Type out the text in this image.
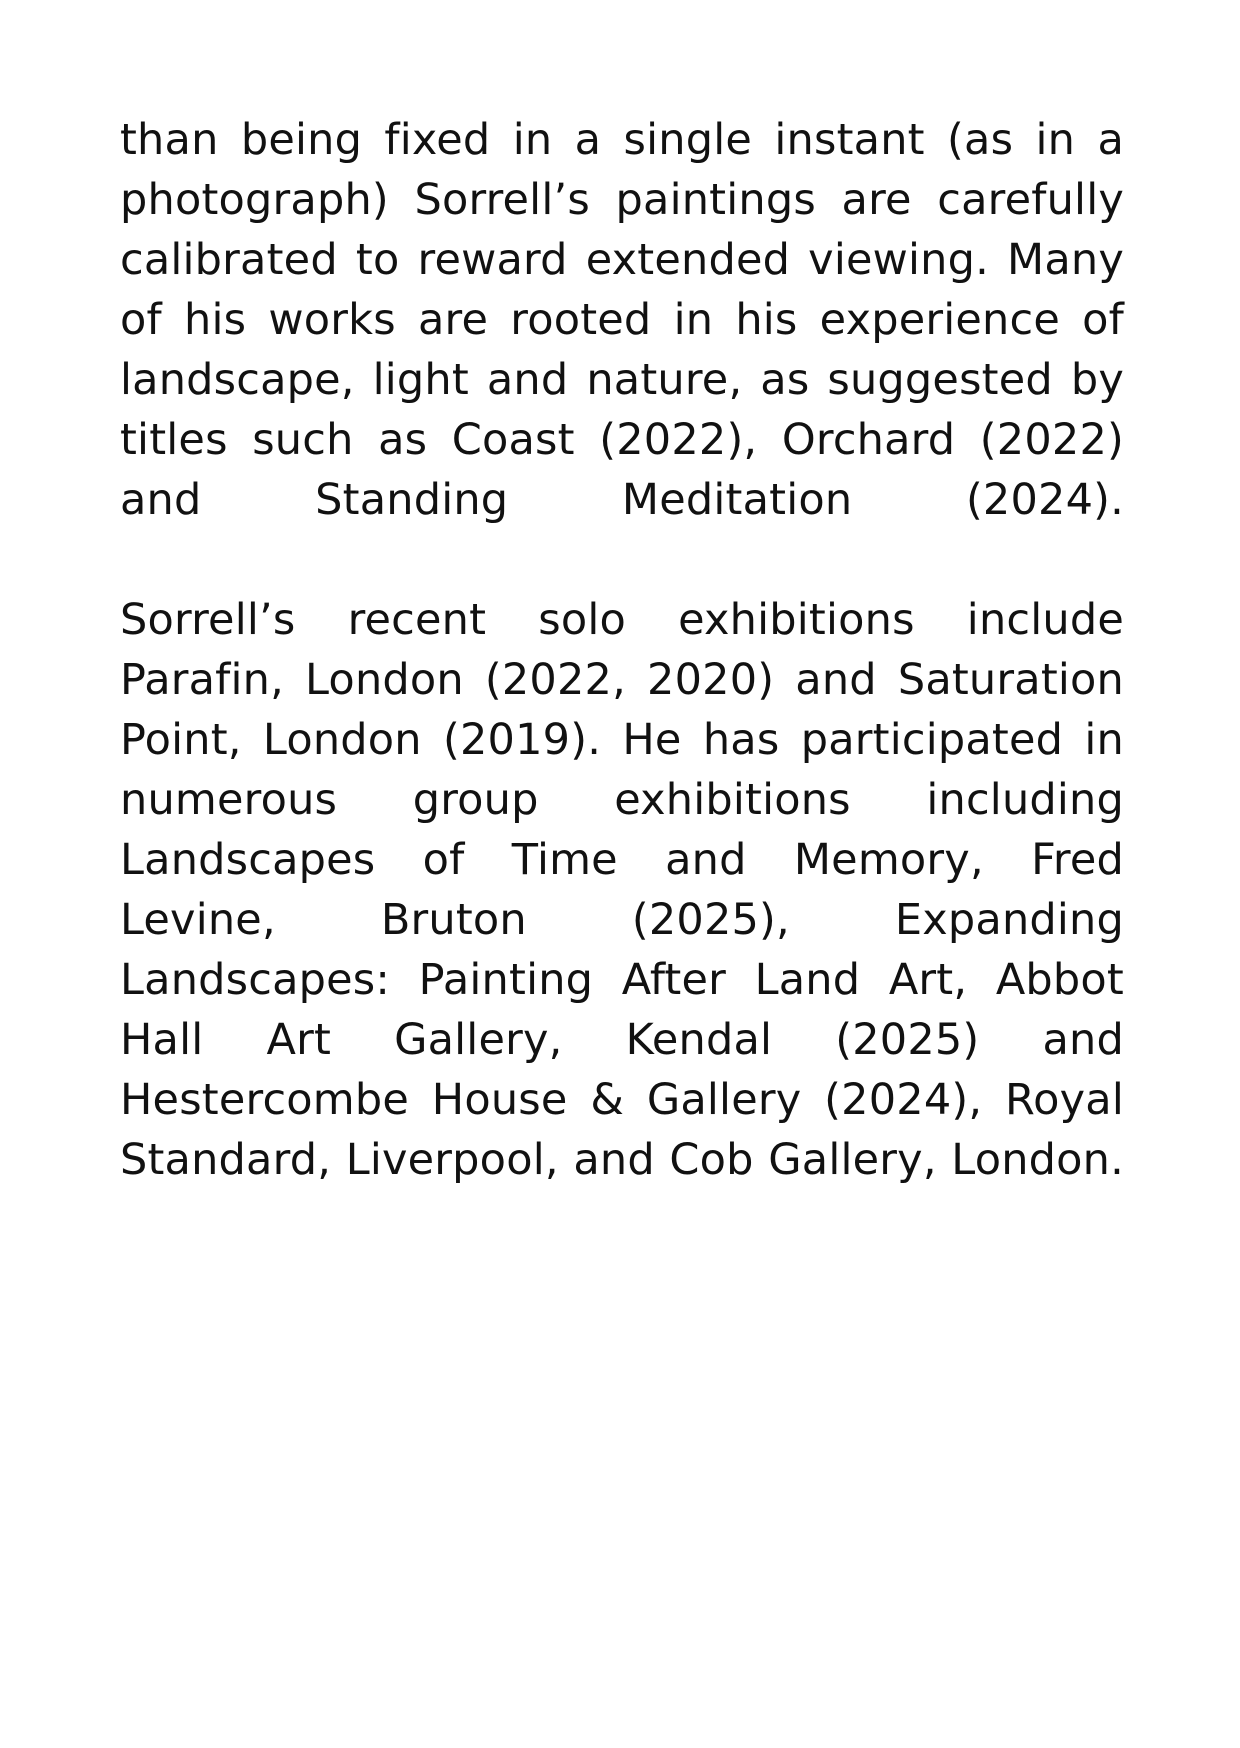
than being fixed in a single instant (as in a photograph) Sorrell’s paintings are carefully calibrated to reward extended viewing. Many of his works are rooted in his experience of landscape, light and nature, as suggested by titles such as Coast (2022), Orchard (2022) and Standing Meditation (2024).

Sorrell’s recent solo exhibitions include Parafin, London (2022, 2020) and Saturation Point, London (2019). He has participated in numerous group exhibitions including Landscapes of Time and Memory, Fred Levine, Bruton (2025), Expanding Landscapes: Painting After Land Art, Abbot Hall Art Gallery, Kendal (2025) and Hestercombe House & Gallery (2024), Royal Standard, Liverpool, and Cob Gallery, London.
